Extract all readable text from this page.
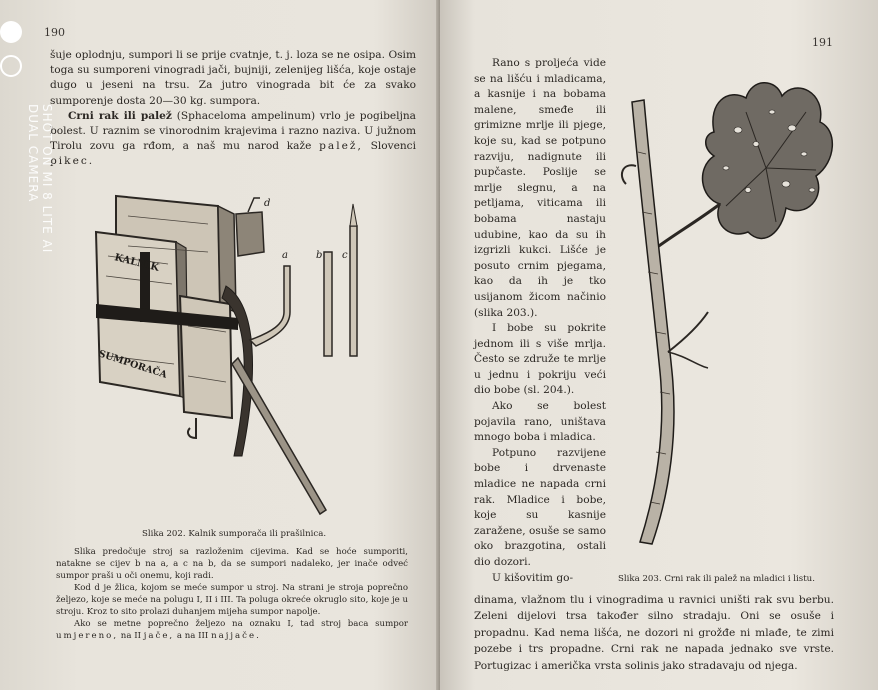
190

šuje oplodnju, sumpori li se prije cvatnje, t. j. loza se ne osipa. Osim toga su sumporeni vinogradi jači, bujniji, zelenijeg lišća, koje ostaje dugo u jeseni na trsu. Za jutro vinograda bit će za svako sumporenje dosta 20—30 kg. sumpora.

Crni rak ili palež (Sphaceloma ampelinum) vrlo je pogibeljna bolest. U raznim se vinorodnim krajevima i razno naziva. U južnom Tirolu zovu ga rđom, a naš mu narod kaže palež, Slovenci pikec.

KALNIK
SUMPORAČA
a	b c
d
Slika 202. Kalnik sumporača ili prašilnica.

Slika predočuje stroj sa razloženim cijevima. Kad se hoće sumporiti, natakne se cijev b na a, a c na b, da se sumpori nadaleko, jer inače odveć sumpor praši u oči onemu, koji radi.

Kod d je žlica, kojom se meće sumpor u stroj. Na strani je stroja poprečno željezo, koje se meće na polugu I, II i III. Ta poluga okreće okruglo sito, koje je u stroju. Kroz to sito prolazi duhanjem mijeha sumpor napolje.

Ako se metne poprečno željezo na oznaku I, tad stroj baca sumpor umjereno, na II jače, a na III najjače.

SHOT ON MI 8 LITE AI DUAL CAMERA
191

Rano s proljeća vide se na lišću i mladicama, a kasnije i na bobama malene, smeđe ili grimizne mrlje ili pjege, koje su, kad se potpuno razviju, nadignute ili pupčaste. Poslije se mrlje slegnu, a na petljama, viticama ili bobama nastaju udubine, kao da su ih izgrizli kukci. Lišće je posuto crnim pjegama, kao da ih je tko usijanom žicom načinio (slika 203.).

I bobe su pokrite jednom ili s više mrlja. Često se združe te mrlje u jednu i pokriju veći dio bobe (sl. 204.).

Ako se bolest pojavila rano, uništava mnogo boba i mladica.

Potpuno razvijene bobe i drvenaste mladice ne napada crni rak. Mladice i bobe, koje su kasnije zaražene, osuše se samo oko brazgotina, ostali dio dozori.

U kišovitim go-	Slika 203. Crni rak ili palež na mladici i listu.

dinama, vlažnom tlu i vinogradima u ravnici uništi rak svu berbu. Zeleni dijelovi trsa također silno stradaju. Oni se osuše i propadnu. Kad nema lišća, ne dozori ni grožđe ni mlađe, te zimi pozebe i trs propadne. Crni rak ne napada jednako sve vrste. Portugizac i američka vrsta solinis jako stradavaju od njega.
